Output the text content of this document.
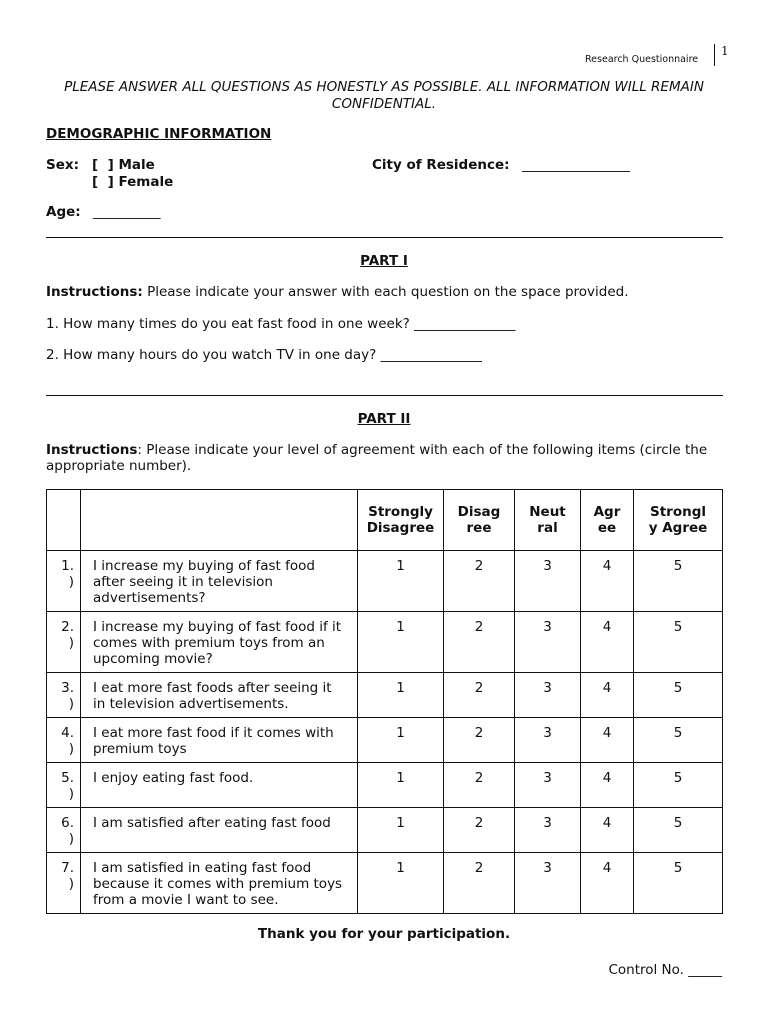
Research Questionnaire
1
PLEASE ANSWER ALL QUESTIONS AS HONESTLY AS POSSIBLE. ALL INFORMATION WILL REMAIN CONFIDENTIAL.
DEMOGRAPHIC INFORMATION
Sex: [  ] Male
[  ] Female
City of Residence: ________________
Age: __________
PART I
Instructions: Please indicate your answer with each question on the space provided.
1. How many times do you eat fast food in one week? _______________
2. How many hours do you watch TV in one day? _______________
PART II
Instructions: Please indicate your level of agreement with each of the following items (circle the appropriate number).

		Strongly Disagree	Disagree	Neutral	Agree	Strongly Agree

1. )	I increase my buying of fast food after seeing it in television advertisements?	1	2	3	4	5

2. )	I increase my buying of fast food if it comes with premium toys from an upcoming movie?	1	2	3	4	5

3. )	I eat more fast foods after seeing it in television advertisements.	1	2	3	4	5

4. )	I eat more fast food if it comes with premium toys	1	2	3	4	5

5. )	I enjoy eating fast food.	1	2	3	4	5

6. )	I am satisfied after eating fast food	1	2	3	4	5

7. )	I am satisfied in eating fast food because it comes with premium toys from a movie I want to see.	1	2	3	4	5
Thank you for your participation.
Control No. _____
